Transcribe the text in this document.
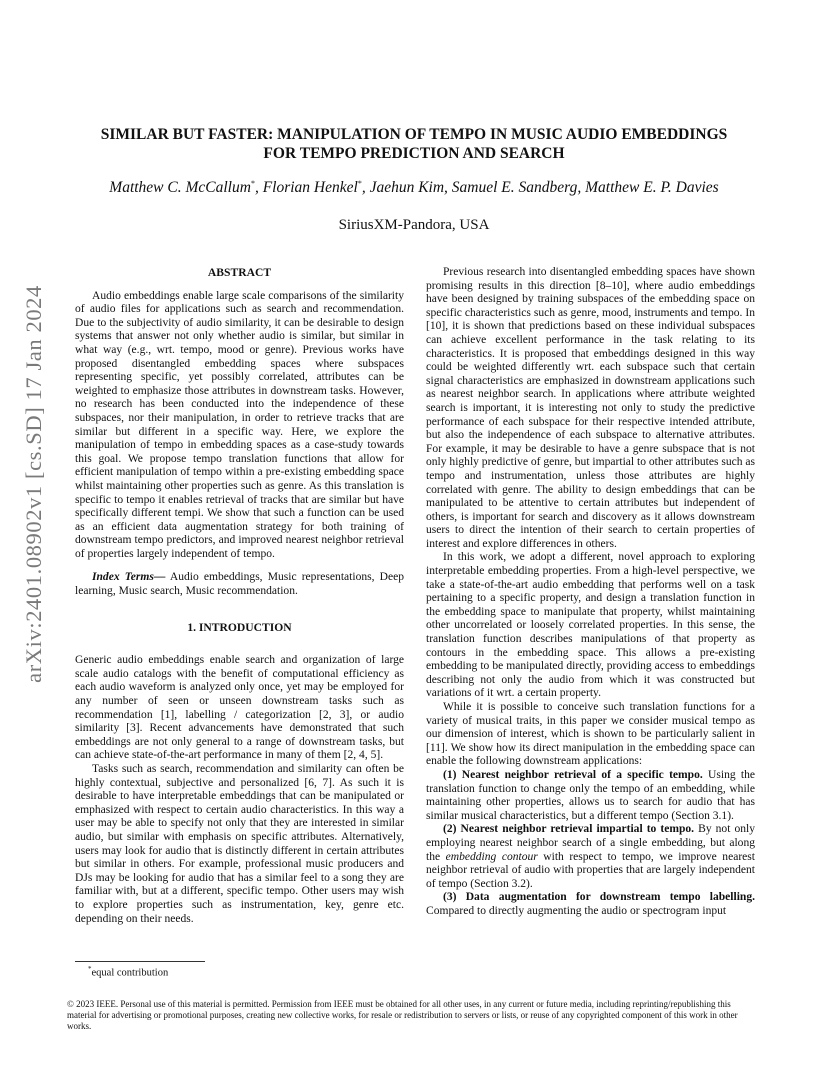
arXiv:2401.08902v1 [cs.SD] 17 Jan 2024
SIMILAR BUT FASTER: MANIPULATION OF TEMPO IN MUSIC AUDIO EMBEDDINGS
FOR TEMPO PREDICTION AND SEARCH
Matthew C. McCallum*, Florian Henkel*, Jaehun Kim, Samuel E. Sandberg, Matthew E. P. Davies
SiriusXM-Pandora, USA
ABSTRACT

Audio embeddings enable large scale comparisons of the similarity of audio files for applications such as search and recommendation. Due to the subjectivity of audio similarity, it can be desirable to design systems that answer not only whether audio is similar, but similar in what way (e.g., wrt. tempo, mood or genre). Previous works have proposed disentangled embedding spaces where subspaces representing specific, yet possibly correlated, attributes can be weighted to emphasize those attributes in downstream tasks. However, no research has been conducted into the independence of these subspaces, nor their manipulation, in order to retrieve tracks that are similar but different in a specific way. Here, we explore the manipulation of tempo in embedding spaces as a case-study towards this goal. We propose tempo translation functions that allow for efficient manipulation of tempo within a pre-existing embedding space whilst maintaining other properties such as genre. As this translation is specific to tempo it enables retrieval of tracks that are similar but have specifically different tempi. We show that such a function can be used as an efficient data augmentation strategy for both training of downstream tempo predictors, and improved nearest neighbor retrieval of properties largely independent of tempo.

Index Terms— Audio embeddings, Music representations, Deep learning, Music search, Music recommendation.

1. INTRODUCTION

Generic audio embeddings enable search and organization of large scale audio catalogs with the benefit of computational efficiency as each audio waveform is analyzed only once, yet may be employed for any number of seen or unseen downstream tasks such as recommendation [1], labelling / categorization [2, 3], or audio similarity [3]. Recent advancements have demonstrated that such embeddings are not only general to a range of downstream tasks, but can achieve state-of-the-art performance in many of them [2, 4, 5].

Tasks such as search, recommendation and similarity can often be highly contextual, subjective and personalized [6, 7]. As such it is desirable to have interpretable embeddings that can be manipulated or emphasized with respect to certain audio characteristics. In this way a user may be able to specify not only that they are interested in similar audio, but similar with emphasis on specific attributes. Alternatively, users may look for audio that is distinctly different in certain attributes but similar in others. For example, professional music producers and DJs may be looking for audio that has a similar feel to a song they are familiar with, but at a different, specific tempo. Other users may wish to explore properties such as instrumentation, key, genre etc. depending on their needs.

Previous research into disentangled embedding spaces have shown promising results in this direction [8–10], where audio embeddings have been designed by training subspaces of the embedding space on specific characteristics such as genre, mood, instruments and tempo. In [10], it is shown that predictions based on these individual subspaces can achieve excellent performance in the task relating to its characteristics. It is proposed that embeddings designed in this way could be weighted differently wrt. each subspace such that certain signal characteristics are emphasized in downstream applications such as nearest neighbor search. In applications where attribute weighted search is important, it is interesting not only to study the predictive performance of each subspace for their respective intended attribute, but also the independence of each subspace to alternative attributes. For example, it may be desirable to have a genre subspace that is not only highly predictive of genre, but impartial to other attributes such as tempo and instrumentation, unless those attributes are highly correlated with genre. The ability to design embeddings that can be manipulated to be attentive to certain attributes but independent of others, is important for search and discovery as it allows downstream users to direct the intention of their search to certain properties of interest and explore differences in others.

In this work, we adopt a different, novel approach to exploring interpretable embedding properties. From a high-level perspective, we take a state-of-the-art audio embedding that performs well on a task pertaining to a specific property, and design a translation function in the embedding space to manipulate that property, whilst maintaining other uncorrelated or loosely correlated properties. In this sense, the translation function describes manipulations of that property as contours in the embedding space. This allows a pre-existing embedding to be manipulated directly, providing access to embeddings describing not only the audio from which it was constructed but variations of it wrt. a certain property.

While it is possible to conceive such translation functions for a variety of musical traits, in this paper we consider musical tempo as our dimension of interest, which is shown to be particularly salient in [11]. We show how its direct manipulation in the embedding space can enable the following downstream applications:

(1) Nearest neighbor retrieval of a specific tempo. Using the translation function to change only the tempo of an embedding, while maintaining other properties, allows us to search for audio that has similar musical characteristics, but a different tempo (Section 3.1).

(2) Nearest neighbor retrieval impartial to tempo. By not only employing nearest neighbor search of a single embedding, but along the embedding contour with respect to tempo, we improve nearest neighbor retrieval of audio with properties that are largely independent of tempo (Section 3.2).

(3) Data augmentation for downstream tempo labelling. Compared to directly augmenting the audio or spectrogram input

*equal contribution
© 2023 IEEE. Personal use of this material is permitted. Permission from IEEE must be obtained for all other uses, in any current or future media, including reprinting/republishing this material for advertising or promotional purposes, creating new collective works, for resale or redistribution to servers or lists, or reuse of any copyrighted component of this work in other works.
